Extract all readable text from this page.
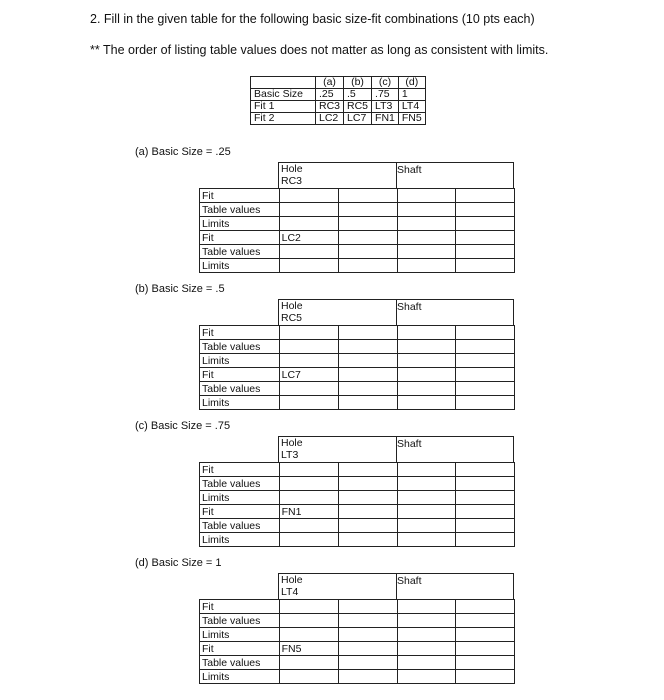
2. Fill in the given table for the following basic size-fit combinations (10 pts each)
** The order of listing table values does not matter as long as consistent with limits.
	(a)	(b)	(c)	(d)
Basic Size	.25	.5	.75	1
Fit 1	RC3	RC5	LT3	LT4
Fit 2	LC2	LC7	FN1	FN5
(a) Basic Size = .25
Hole
RC3
Shaft
Fit				
Table values				
Limits				
Fit	LC2			
Table values				
Limits				
(b) Basic Size = .5
Hole
RC5
Shaft
Fit				
Table values				
Limits				
Fit	LC7			
Table values				
Limits				
(c) Basic Size = .75
Hole
LT3
Shaft
Fit				
Table values				
Limits				
Fit	FN1			
Table values				
Limits				
(d) Basic Size = 1
Hole
LT4
Shaft
Fit				
Table values				
Limits				
Fit	FN5			
Table values				
Limits				
